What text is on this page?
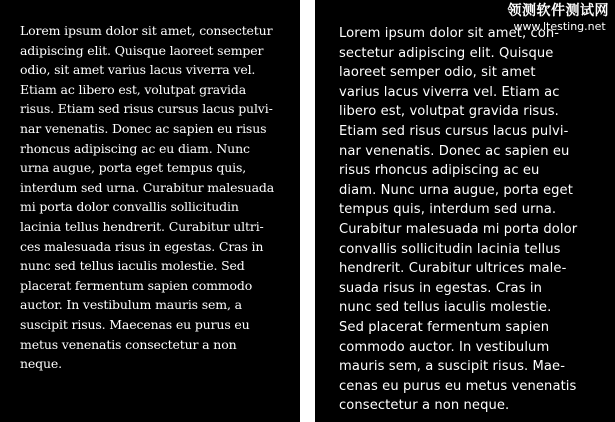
Lorem ipsum dolor sit amet, consectetur
adipiscing elit. Quisque laoreet semper
odio, sit amet varius lacus viverra vel.
Etiam ac libero est, volutpat gravida
risus. Etiam sed risus cursus lacus pulvi-
nar venenatis. Donec ac sapien eu risus
rhoncus adipiscing ac eu diam. Nunc
urna augue, porta eget tempus quis,
interdum sed urna. Curabitur malesuada
mi porta dolor convallis sollicitudin
lacinia tellus hendrerit. Curabitur ultri-
ces malesuada risus in egestas. Cras in
nunc sed tellus iaculis molestie. Sed
placerat fermentum sapien commodo
auctor. In vestibulum mauris sem, a
suscipit risus. Maecenas eu purus eu
metus venenatis consectetur a non
neque.

Lorem ipsum dolor sit amet, con-
sectetur adipiscing elit. Quisque
laoreet semper odio, sit amet
varius lacus viverra vel. Etiam ac
libero est, volutpat gravida risus.
Etiam sed risus cursus lacus pulvi-
nar venenatis. Donec ac sapien eu
risus rhoncus adipiscing ac eu
diam. Nunc urna augue, porta eget
tempus quis, interdum sed urna.
Curabitur malesuada mi porta dolor
convallis sollicitudin lacinia tellus
hendrerit. Curabitur ultrices male-
suada risus in egestas. Cras in
nunc sed tellus iaculis molestie.
Sed placerat fermentum sapien
commodo auctor. In vestibulum
mauris sem, a suscipit risus. Mae-
cenas eu purus eu metus venenatis
consectetur a non neque.

领测软件测试网
www.ltesting.net
